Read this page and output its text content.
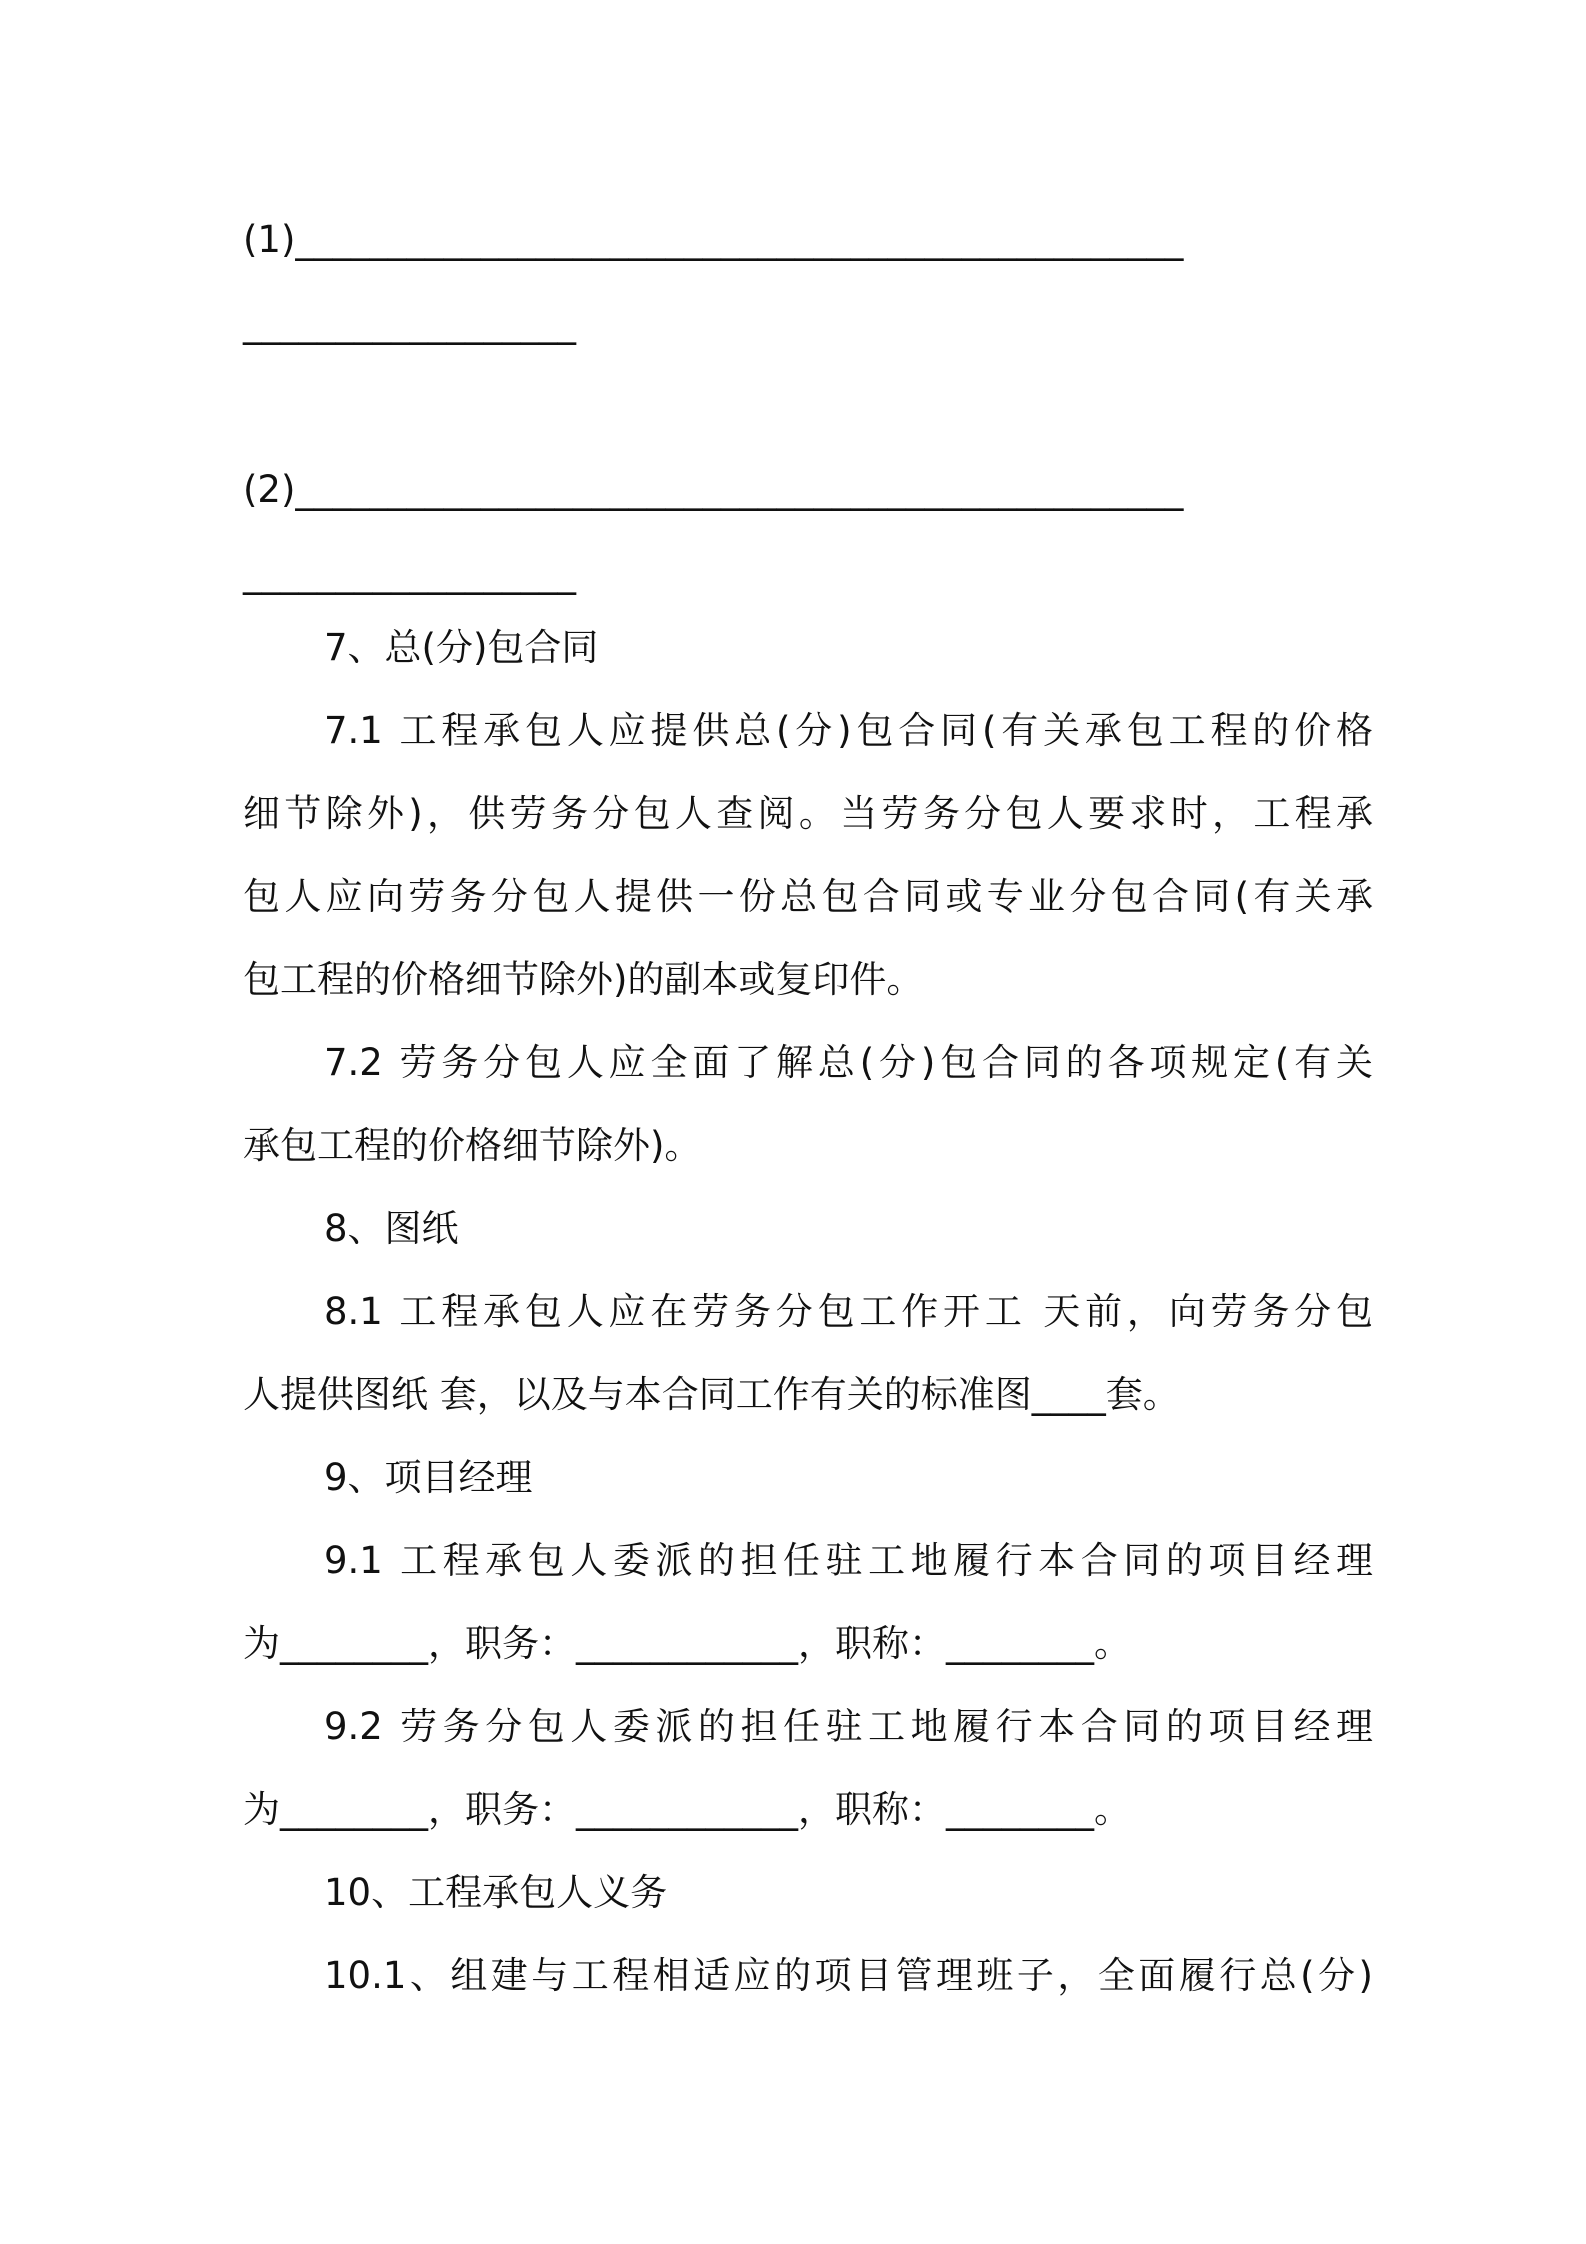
(1)________________________________________________
__________________
(2)________________________________________________
__________________
7、总(分)包合同
7.1 工程承包人应提供总(分)包合同(有关承包工程的价格
细节除外)，供劳务分包人查阅。当劳务分包人要求时，工程承
包人应向劳务分包人提供一份总包合同或专业分包合同(有关承
包工程的价格细节除外)的副本或复印件。
7.2 劳务分包人应全面了解总(分)包合同的各项规定(有关
承包工程的价格细节除外)。
8、图纸
8.1 工程承包人应在劳务分包工作开工 天前，向劳务分包
人提供图纸 套，以及与本合同工作有关的标准图____套。
9、项目经理
9.1 工程承包人委派的担任驻工地履行本合同的项目经理
为________，职务：____________，职称：________。
9.2 劳务分包人委派的担任驻工地履行本合同的项目经理
为________，职务：____________，职称：________。
10、工程承包人义务
10.1、组建与工程相适应的项目管理班子，全面履行总(分)
